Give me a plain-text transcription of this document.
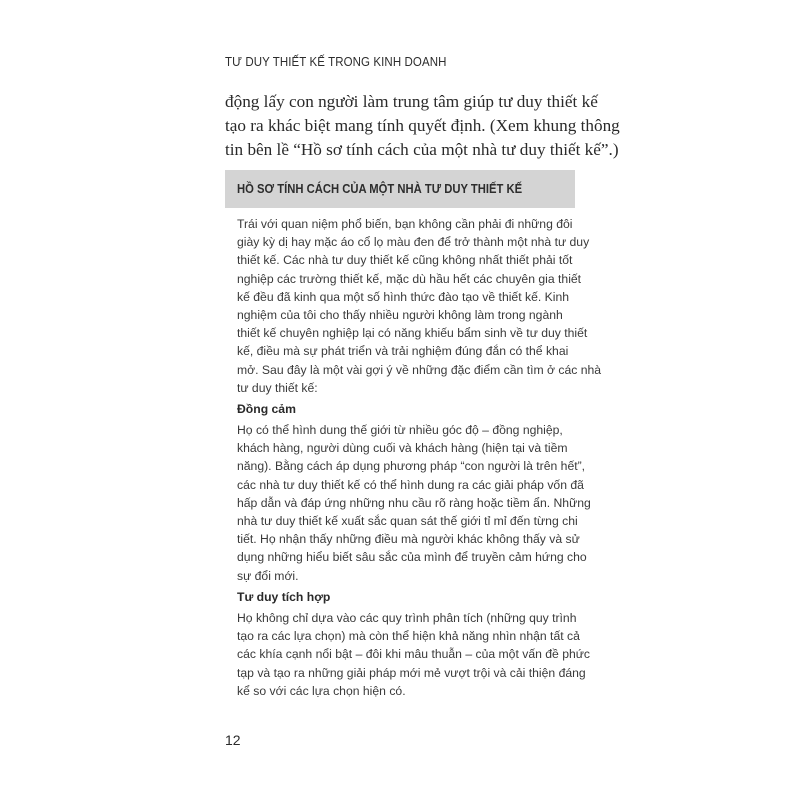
TƯ DUY THIẾT KẾ TRONG KINH DOANH
động lấy con người làm trung tâm giúp tư duy thiết kế
tạo ra khác biệt mang tính quyết định. (Xem khung thông
tin bên lề “Hồ sơ tính cách của một nhà tư duy thiết kế”.)
HỒ SƠ TÍNH CÁCH CỦA MỘT NHÀ TƯ DUY THIẾT KẾ
Trái với quan niệm phổ biến, bạn không cần phải đi những đôi
giày kỳ dị hay mặc áo cổ lọ màu đen để trở thành một nhà tư duy
thiết kế. Các nhà tư duy thiết kế cũng không nhất thiết phải tốt
nghiệp các trường thiết kế, mặc dù hầu hết các chuyên gia thiết
kế đều đã kinh qua một số hình thức đào tạo về thiết kế. Kinh
nghiệm của tôi cho thấy nhiều người không làm trong ngành
thiết kế chuyên nghiệp lại có năng khiếu bẩm sinh về tư duy thiết
kế, điều mà sự phát triển và trải nghiệm đúng đắn có thể khai
mở. Sau đây là một vài gợi ý về những đặc điểm cần tìm ở các nhà
tư duy thiết kế:
Đồng cảm
Họ có thể hình dung thế giới từ nhiều góc độ – đồng nghiệp,
khách hàng, người dùng cuối và khách hàng (hiện tại và tiềm
năng). Bằng cách áp dụng phương pháp “con người là trên hết”,
các nhà tư duy thiết kế có thể hình dung ra các giải pháp vốn đã
hấp dẫn và đáp ứng những nhu cầu rõ ràng hoặc tiềm ẩn. Những
nhà tư duy thiết kế xuất sắc quan sát thế giới tỉ mỉ đến từng chi
tiết. Họ nhận thấy những điều mà người khác không thấy và sử
dụng những hiểu biết sâu sắc của mình để truyền cảm hứng cho
sự đổi mới.
Tư duy tích hợp
Họ không chỉ dựa vào các quy trình phân tích (những quy trình
tạo ra các lựa chọn) mà còn thể hiện khả năng nhìn nhận tất cả
các khía cạnh nổi bật – đôi khi mâu thuẫn – của một vấn đề phức
tạp và tạo ra những giải pháp mới mẻ vượt trội và cải thiện đáng
kể so với các lựa chọn hiện có.
12
